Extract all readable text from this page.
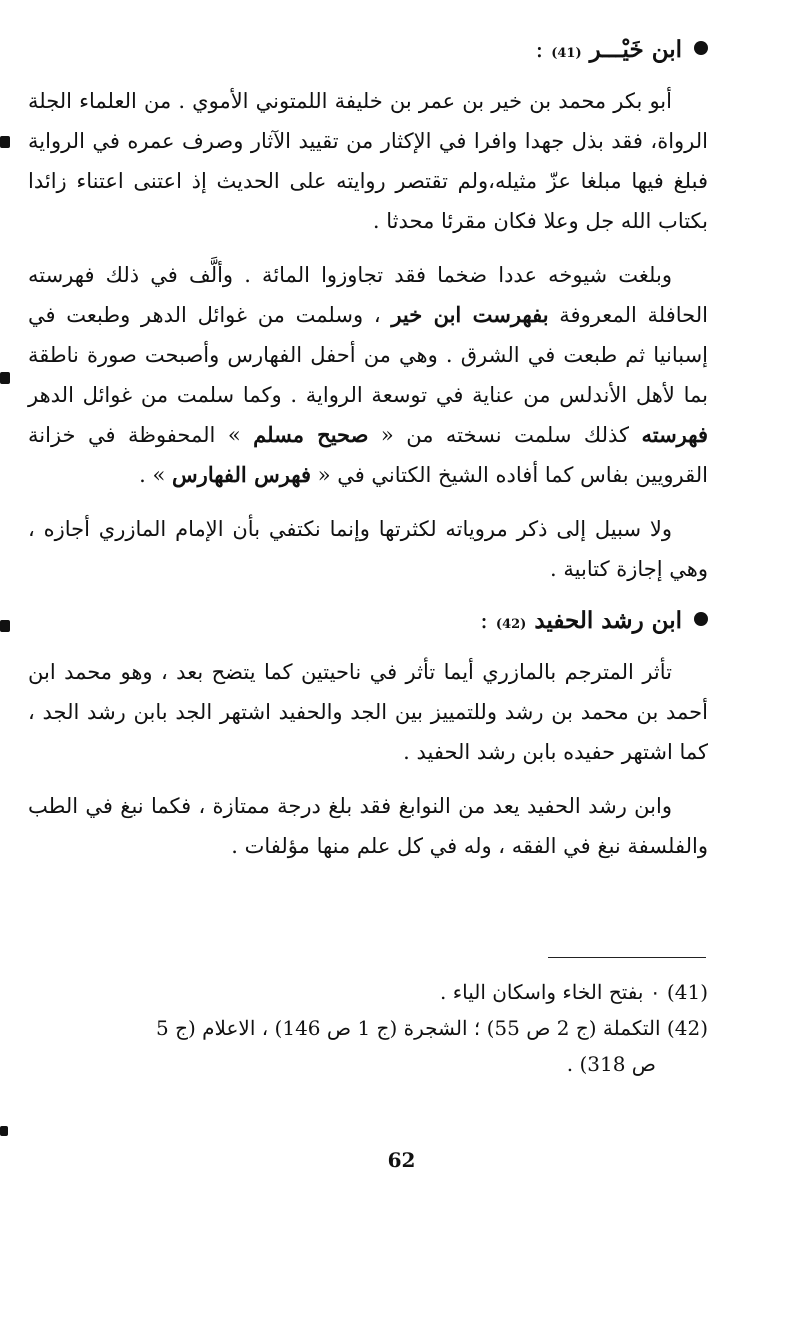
ابن خَيْـــر
(41)
:

أبو بكر محمد بن خير بن عمر بن خليفة اللمتوني الأموي . من العلماء الجلة الرواة، فقد بذل جهدا وافرا في الإكثار من تقييد الآثار وصرف عمره في الرواية فبلغ فيها مبلغا عزّ مثيله،ولم تقتصر روايته على الحديث إذ اعتنى اعتناء زائدا بكتاب الله جل وعلا فكان مقرئا محدثا .

وبلغت شيوخه عددا ضخما فقد تجاوزوا المائة . وألَّف في ذلك فهرسته الحافلة المعروفة بفهرست ابن خير ، وسلمت من غوائل الدهر وطبعت في إسبانيا ثم طبعت في الشرق . وهي من أحفل الفهارس وأصبحت صورة ناطقة بما لأهل الأندلس من عناية في توسعة الرواية . وكما سلمت من غوائل الدهر فهرسته كذلك سلمت نسخته من « صحيح مسلم » المحفوظة في خزانة القرويين بفاس كما أفاده الشيخ الكتاني في « فهرس الفهارس » .

ولا سبيل إلى ذكر مروياته لكثرتها وإنما نكتفي بأن الإمام المازري أجازه ، وهي إجازة كتابية .

ابن رشد الحفيد
(42)
:

تأثر المترجم بالمازري أيما تأثر في ناحيتين كما يتضح بعد ، وهو محمد ابن أحمد بن محمد بن رشد وللتمييز بين الجد والحفيد اشتهر الجد بابن رشد الجد ، كما اشتهر حفيده بابن رشد الحفيد .

وابن رشد الحفيد يعد من النوابغ فقد بلغ درجة ممتازة ، فكما نبغ في الطب والفلسفة نبغ في الفقه ، وله في كل علم منها مؤلفات .

(41) ٠ بفتح الخاء واسكان الياء .

(42) التكملة (ج 2 ص 55) ؛ الشجرة (ج 1 ص 146) ، الاعلام (ج 5

ص 318) .

62
